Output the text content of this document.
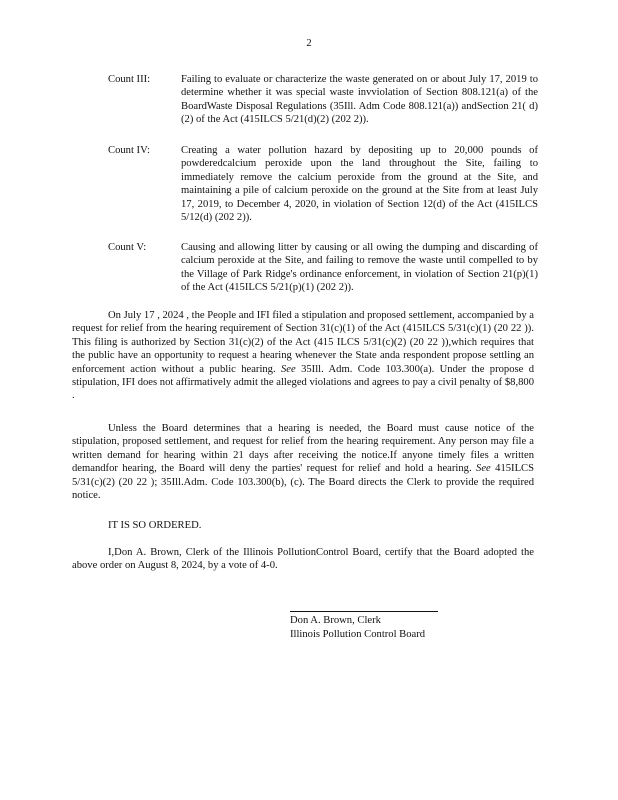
2
Count III:	Failing to evaluate or characterize the waste generated on or about July 17, 2019 to determine whether it was special waste invviolation of Section 808.121(a) of the BoardWaste Disposal Regulations (35Ill. Adm Code 808.121(a)) andSection 21( d)(2) of the Act (415ILCS 5/21(d)(2) (202 2)).
Count IV:	Creating a water pollution hazard by depositing up to 20,000 pounds of powderedcalcium peroxide upon the land throughout the Site, failing to immediately remove the calcium peroxide from the ground at the Site, and maintaining a pile of calcium peroxide on the ground at the Site from at least July 17, 2019, to December 4, 2020, in violation of Section 12(d) of the Act (415ILCS 5/12(d) (202 2)).
Count V:	Causing and allowing litter by causing or all owing the dumping and discarding of calcium peroxide at the Site, and failing to remove the waste until compelled to by the Village of Park Ridge's ordinance enforcement, in violation of Section 21(p)(1) of the Act (415ILCS 5/21(p)(1) (202 2)).
On July 17 , 2024 , the People and IFI filed a stipulation and proposed settlement, accompanied by a request for relief from the hearing requirement of Section 31(c)(1) of the Act (415ILCS 5/31(c)(1) (20 22 )). This filing is authorized by Section 31(c)(2) of the Act (415 ILCS 5/31(c)(2) (20 22 )),which requires that the public have an opportunity to request a hearing whenever the State anda respondent propose settling an enforcement action without a public hearing. See 35Ill. Adm. Code 103.300(a). Under the propose d stipulation, IFI does not affirmatively admit the alleged violations and agrees to pay a civil penalty of $8,800 .
Unless the Board determines that a hearing is needed, the Board must cause notice of the stipulation, proposed settlement, and request for relief from the hearing requirement. Any person may file a written demand for hearing within 21 days after receiving the notice.If anyone timely files a written demandfor hearing, the Board will deny the parties' request for relief and hold a hearing. See 415ILCS 5/31(c)(2) (20 22 ); 35Ill.Adm. Code 103.300(b), (c). The Board directs the Clerk to provide the required notice.
IT IS SO ORDERED.
I,Don A. Brown, Clerk of the Illinois PollutionControl Board, certify that the Board adopted the above order on August 8, 2024, by a vote of 4-0.
Don A. Brown, Clerk
Illinois Pollution Control Board
